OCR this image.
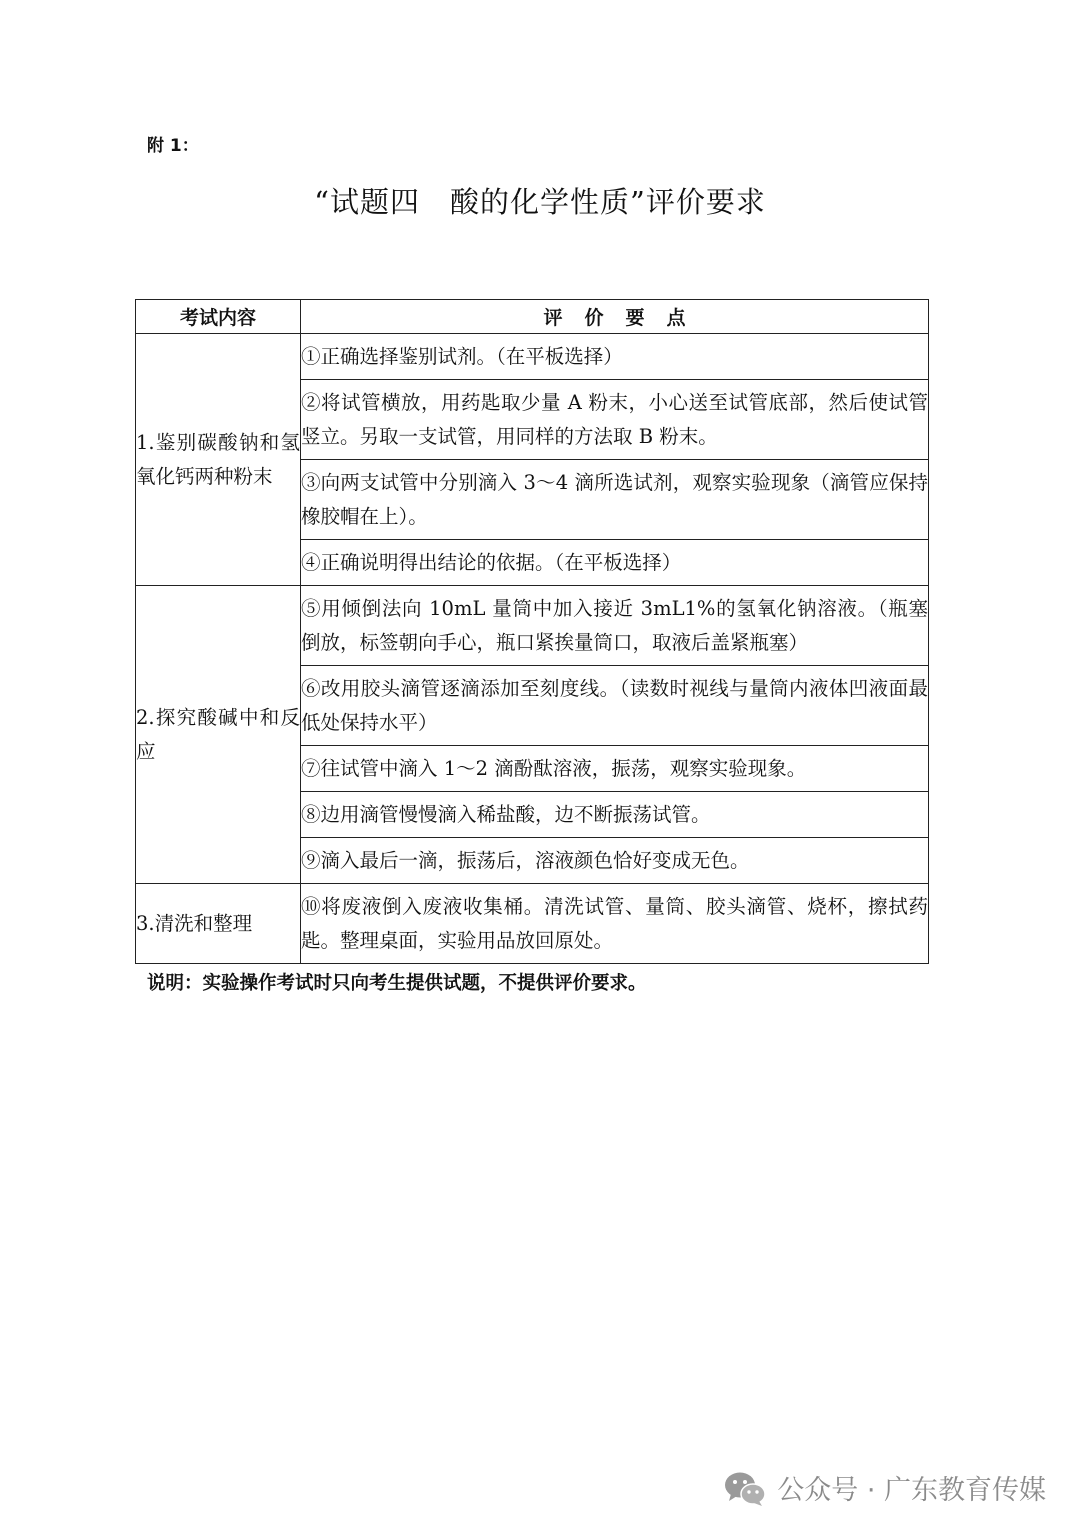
附 1：
“试题四　酸的化学性质”评价要求
考试内容	评价要点
1.鉴别碳酸钠和氢氧化钙两种粉末	①正确选择鉴别试剂。（在平板选择）
	②将试管横放，用药匙取少量 A 粉末，小心送至试管底部，然后使试管竖立。另取一支试管，用同样的方法取 B 粉末。
	③向两支试管中分别滴入 3～4 滴所选试剂，观察实验现象（滴管应保持橡胶帽在上）。
	④正确说明得出结论的依据。（在平板选择）
2.探究酸碱中和反应	⑤用倾倒法向 10mL 量筒中加入接近 3mL1%的氢氧化钠溶液。（瓶塞倒放，标签朝向手心，瓶口紧挨量筒口，取液后盖紧瓶塞）
	⑥改用胶头滴管逐滴添加至刻度线。（读数时视线与量筒内液体凹液面最低处保持水平）
	⑦往试管中滴入 1～2 滴酚酞溶液，振荡，观察实验现象。
	⑧边用滴管慢慢滴入稀盐酸，边不断振荡试管。
	⑨滴入最后一滴，振荡后，溶液颜色恰好变成无色。
3.清洗和整理	⑩将废液倒入废液收集桶。清洗试管、量筒、胶头滴管、烧杯，擦拭药匙。整理桌面，实验用品放回原处。
说明：实验操作考试时只向考生提供试题，不提供评价要求。
公众号 · 广东教育传媒
